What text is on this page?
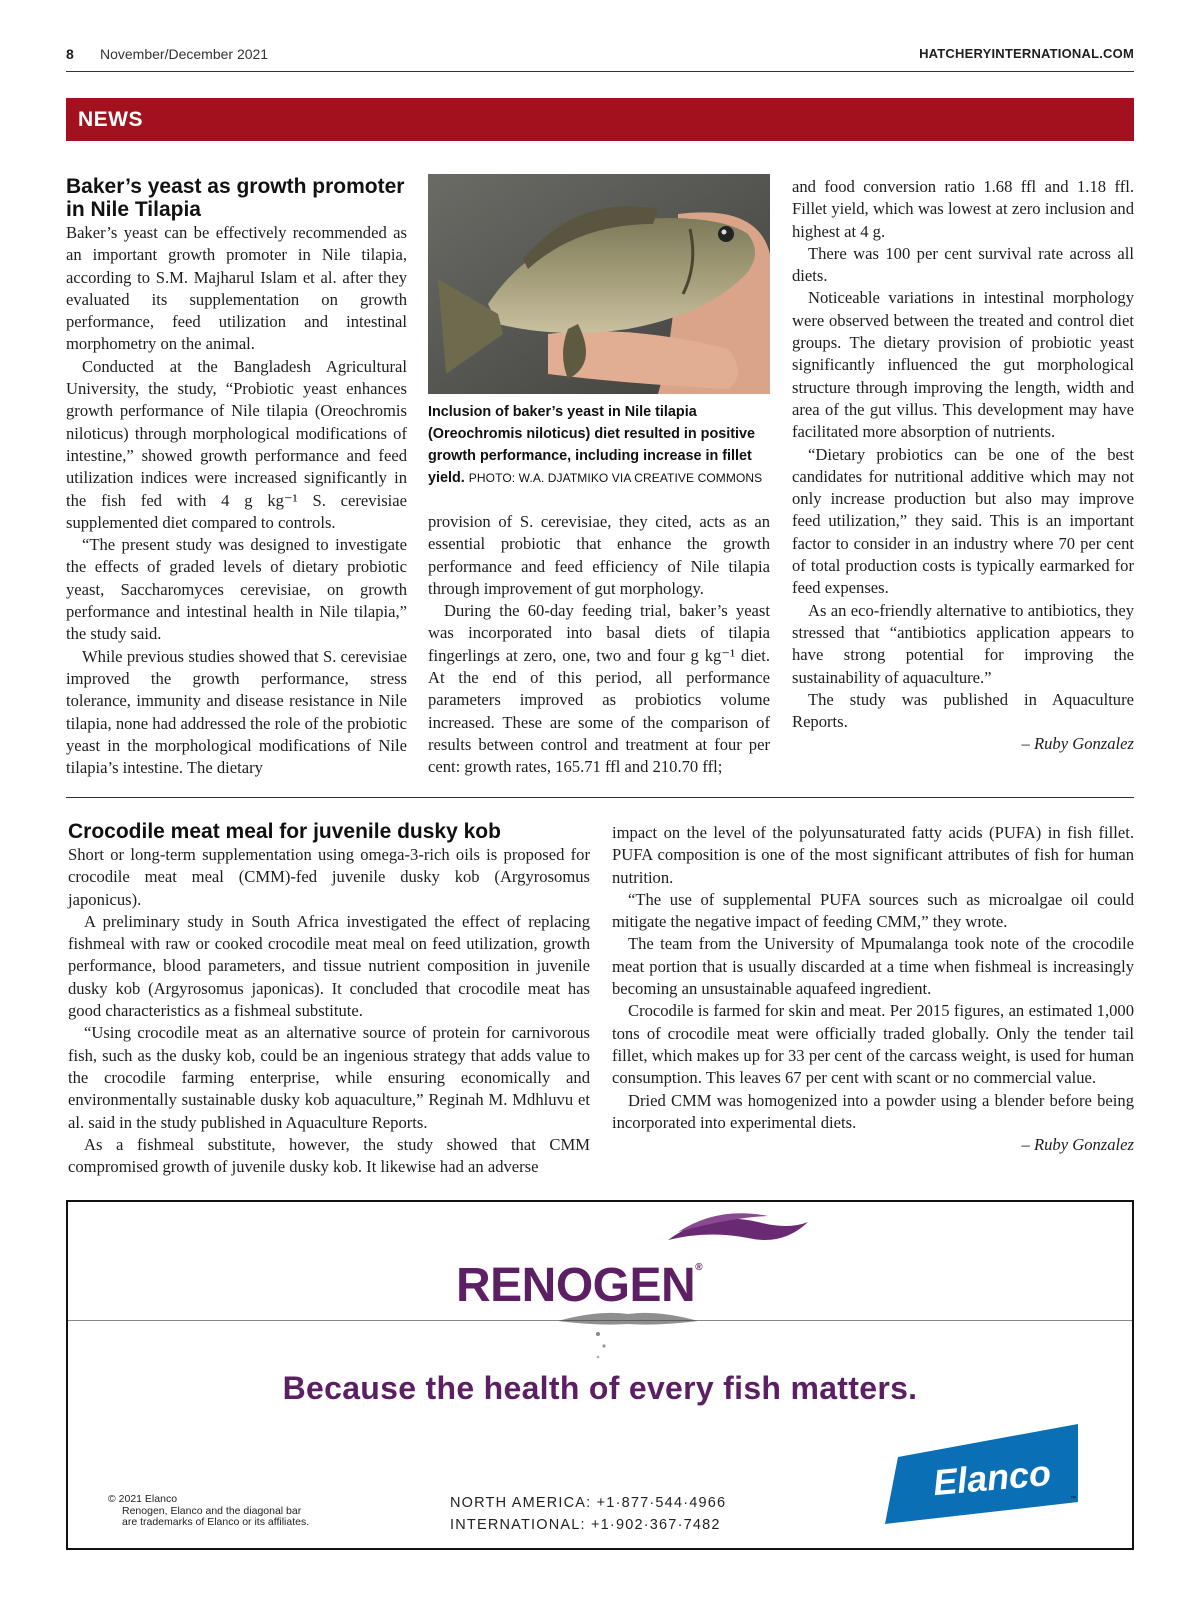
8 November/December 2021	HATCHERYINTERNATIONAL.COM
NEWS
Baker’s yeast as growth promoter in Nile Tilapia

Baker’s yeast can be effectively recommended as an important growth promoter in Nile tilapia, according to S.M. Majharul Islam et al. after they evaluated its supplementation on growth performance, feed utilization and intestinal morphometry on the animal.

Conducted at the Bangladesh Agricultural University, the study, “Probiotic yeast enhances growth performance of Nile tilapia (Oreochromis niloticus) through morphological modifications of intestine,” showed growth performance and feed utilization indices were increased significantly in the fish fed with 4 g kg⁻¹ S. cerevisiae supplemented diet compared to controls.

“The present study was designed to investigate the effects of graded levels of dietary probiotic yeast, Saccharomyces cerevisiae, on growth performance and intestinal health in Nile tilapia,” the study said.

While previous studies showed that S. cerevisiae improved the growth performance, stress tolerance, immunity and disease resistance in Nile tilapia, none had addressed the role of the probiotic yeast in the morphological modifications of Nile tilapia’s intestine. The dietary

Inclusion of baker’s yeast in Nile tilapia (Oreochromis niloticus) diet resulted in positive growth performance, including increase in fillet yield. PHOTO: W.A. DJATMIKO VIA CREATIVE COMMONS

provision of S. cerevisiae, they cited, acts as an essential probiotic that enhance the growth performance and feed efficiency of Nile tilapia through improvement of gut morphology.

During the 60-day feeding trial, baker’s yeast was incorporated into basal diets of tilapia fingerlings at zero, one, two and four g kg⁻¹ diet. At the end of this period, all performance parameters improved as probiotics volume increased. These are some of the comparison of results between control and treatment at four per cent: growth rates, 165.71 ffl and 210.70 ffl;

and food conversion ratio 1.68 ffl and 1.18 ffl. Fillet yield, which was lowest at zero inclusion and highest at 4 g.

There was 100 per cent survival rate across all diets.

Noticeable variations in intestinal morphology were observed between the treated and control diet groups. The dietary provision of probiotic yeast significantly influenced the gut morphological structure through improving the length, width and area of the gut villus. This development may have facilitated more absorption of nutrients.

“Dietary probiotics can be one of the best candidates for nutritional additive which may not only increase production but also may improve feed utilization,” they said. This is an important factor to consider in an industry where 70 per cent of total production costs is typically earmarked for feed expenses.

As an eco-friendly alternative to antibiotics, they stressed that “antibiotics application appears to have strong potential for improving the sustainability of aquaculture.”

The study was published in Aquaculture Reports.

– Ruby Gonzalez

Crocodile meat meal for juvenile dusky kob

Short or long-term supplementation using omega-3-rich oils is proposed for crocodile meat meal (CMM)-fed juvenile dusky kob (Argyrosomus japonicus).

A preliminary study in South Africa investigated the effect of replacing fishmeal with raw or cooked crocodile meat meal on feed utilization, growth performance, blood parameters, and tissue nutrient composition in juvenile dusky kob (Argyrosomus japonicas). It concluded that crocodile meat has good characteristics as a fishmeal substitute.

“Using crocodile meat as an alternative source of protein for carnivorous fish, such as the dusky kob, could be an ingenious strategy that adds value to the crocodile farming enterprise, while ensuring economically and environmentally sustainable dusky kob aquaculture,” Reginah M. Mdhluvu et al. said in the study published in Aquaculture Reports.

As a fishmeal substitute, however, the study showed that CMM compromised growth of juvenile dusky kob. It likewise had an adverse

impact on the level of the polyunsaturated fatty acids (PUFA) in fish fillet. PUFA composition is one of the most significant attributes of fish for human nutrition.

“The use of supplemental PUFA sources such as microalgae oil could mitigate the negative impact of feeding CMM,” they wrote.

The team from the University of Mpumalanga took note of the crocodile meat portion that is usually discarded at a time when fishmeal is increasingly becoming an unsustainable aquafeed ingredient.

Crocodile is farmed for skin and meat. Per 2015 figures, an estimated 1,000 tons of crocodile meat were officially traded globally. Only the tender tail fillet, which makes up for 33 per cent of the carcass weight, is used for human consumption. This leaves 67 per cent with scant or no commercial value.

Dried CMM was homogenized into a powder using a blender before being incorporated into experimental diets.

– Ruby Gonzalez

RENOGEN®
Because the health of every fish matters.
© 2021 Elanco
Renogen, Elanco and the diagonal bar
are trademarks of Elanco or its affiliates.
NORTH AMERICA: +1·877·544·4966
INTERNATIONAL: +1·902·367·7482
Elanco	™
